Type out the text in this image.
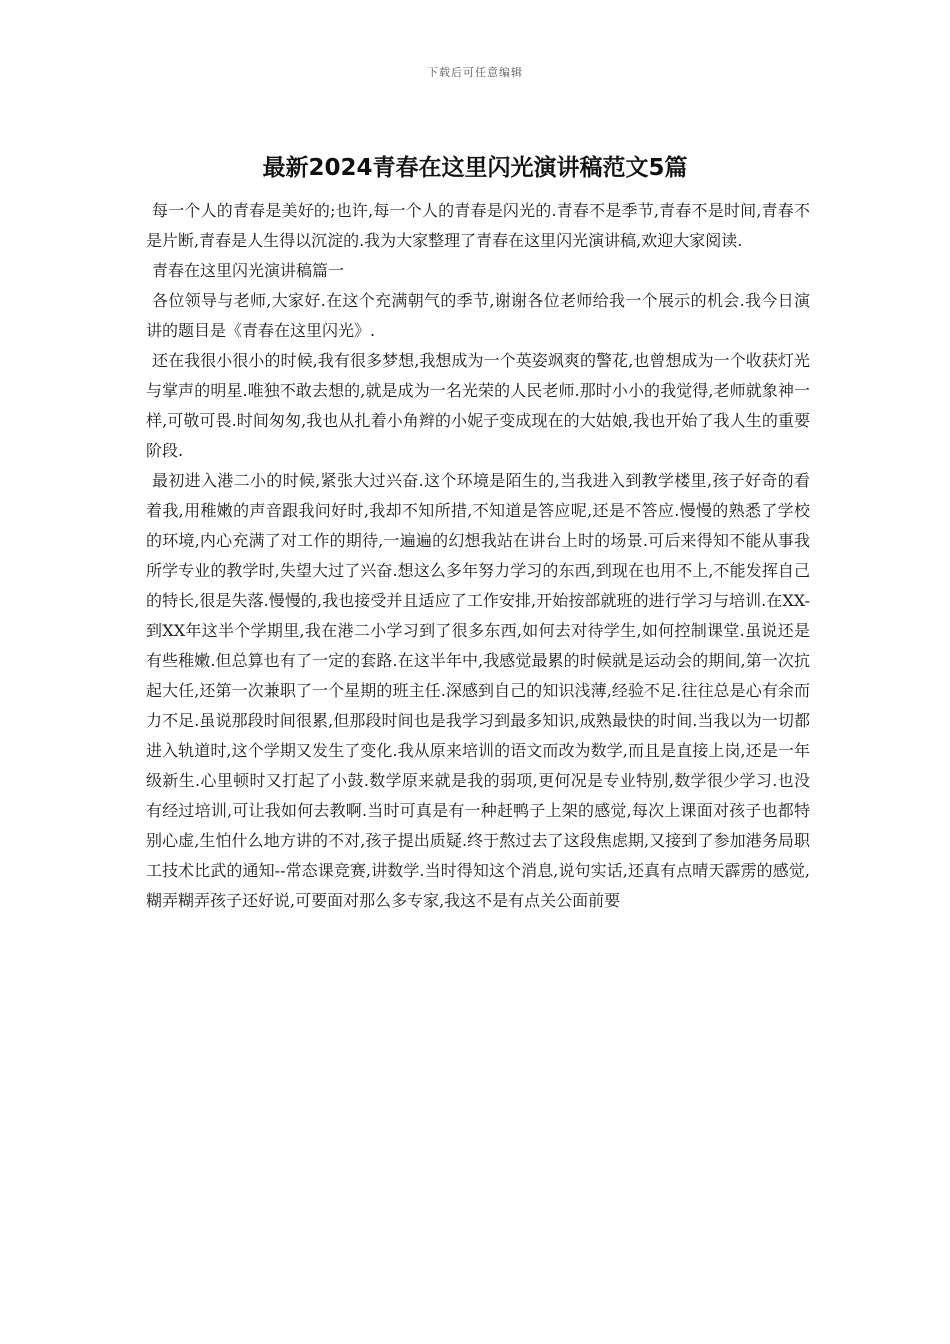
下载后可任意编辑
最新2024青春在这里闪光演讲稿范文5篇

每一个人的青春是美好的;也许,每一个人的青春是闪光的.青春不是季节,青春不是时间,青春不是片断,青春是人生得以沉淀的.我为大家整理了青春在这里闪光演讲稿,欢迎大家阅读.

青春在这里闪光演讲稿篇一

各位领导与老师,大家好.在这个充满朝气的季节,谢谢各位老师给我一个展示的机会.我今日演讲的题目是《青春在这里闪光》.

还在我很小很小的时候,我有很多梦想,我想成为一个英姿飒爽的警花,也曾想成为一个收获灯光与掌声的明星.唯独不敢去想的,就是成为一名光荣的人民老师.那时小小的我觉得,老师就象神一样,可敬可畏.时间匆匆,我也从扎着小角辫的小妮子变成现在的大姑娘,我也开始了我人生的重要阶段.

最初进入港二小的时候,紧张大过兴奋.这个环境是陌生的,当我进入到教学楼里,孩子好奇的看着我,用稚嫩的声音跟我问好时,我却不知所措,不知道是答应呢,还是不答应.慢慢的熟悉了学校的环境,内心充满了对工作的期待,一遍遍的幻想我站在讲台上时的场景.可后来得知不能从事我所学专业的教学时,失望大过了兴奋.想这么多年努力学习的东西,到现在也用不上,不能发挥自己的特长,很是失落.慢慢的,我也接受并且适应了工作安排,开始按部就班的进行学习与培训.在XX-到XX年这半个学期里,我在港二小学习到了很多东西,如何去对待学生,如何控制课堂.虽说还是有些稚嫩.但总算也有了一定的套路.在这半年中,我感觉最累的时候就是运动会的期间,第一次抗起大任,还第一次兼职了一个星期的班主任.深感到自己的知识浅薄,经验不足.往往总是心有余而力不足.虽说那段时间很累,但那段时间也是我学习到最多知识,成熟最快的时间.当我以为一切都进入轨道时,这个学期又发生了变化.我从原来培训的语文而改为数学,而且是直接上岗,还是一年级新生.心里顿时又打起了小鼓.数学原来就是我的弱项,更何况是专业特别,数学很少学习.也没有经过培训,可让我如何去教啊.当时可真是有一种赶鸭子上架的感觉,每次上课面对孩子也都特别心虚,生怕什么地方讲的不对,孩子提出质疑.终于熬过去了这段焦虑期,又接到了参加港务局职工技术比武的通知--常态课竞赛,讲数学.当时得知这个消息,说句实话,还真有点晴天霹雳的感觉,糊弄糊弄孩子还好说,可要面对那么多专家,我这不是有点关公面前要
